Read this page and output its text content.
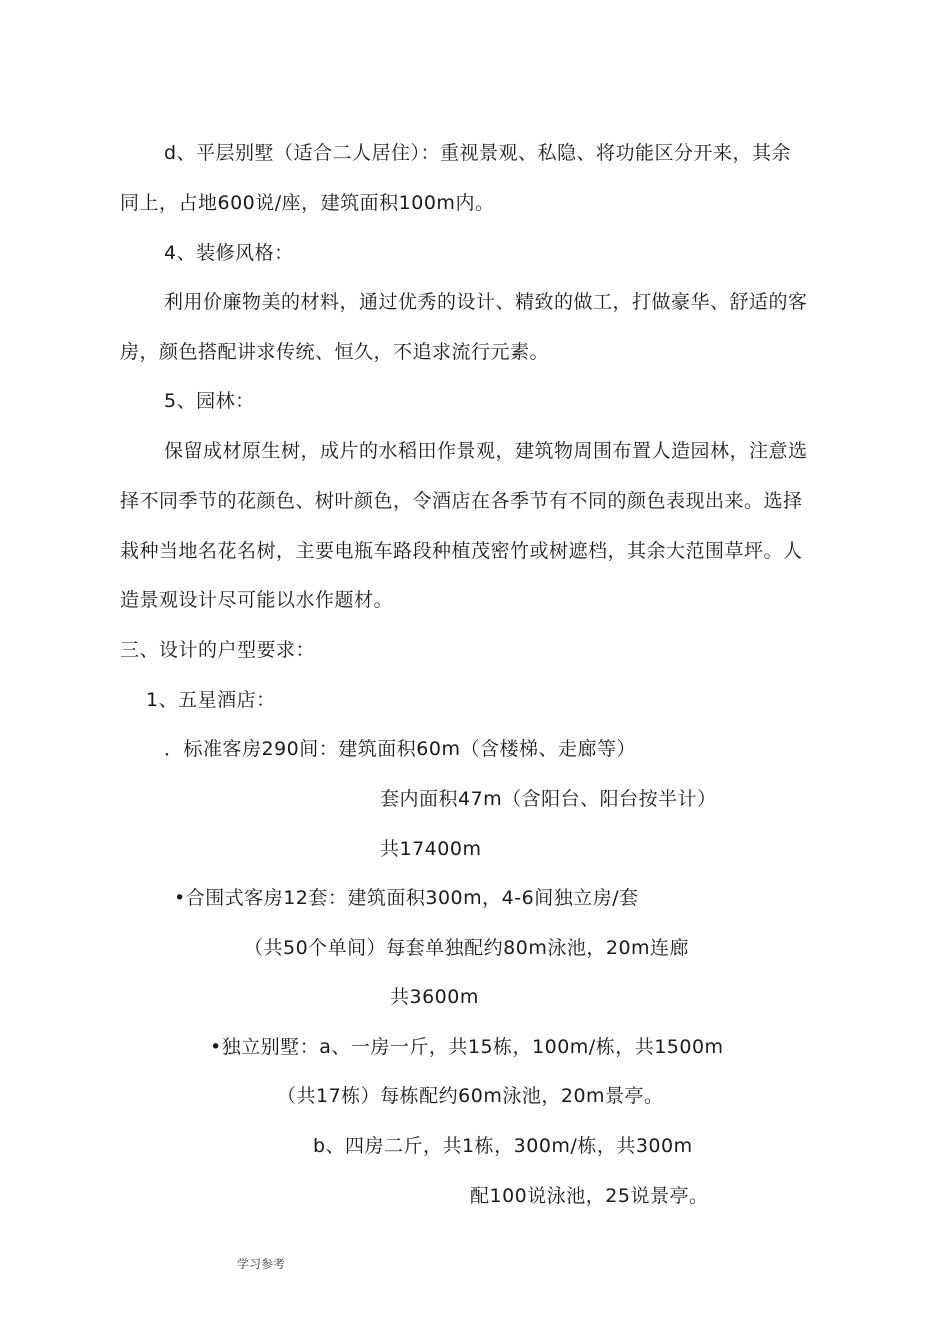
d、平层别墅（适合二人居住）：重视景观、私隐、将功能区分开来，其余
同上，占地600说/座，建筑面积100m内。
4、装修风格：
利用价廉物美的材料，通过优秀的设计、精致的做工，打做豪华、舒适的客
房，颜色搭配讲求传统、恒久，不追求流行元素。
5、园林：
保留成材原生树，成片的水稻田作景观，建筑物周围布置人造园林，注意选
择不同季节的花颜色、树叶颜色，令酒店在各季节有不同的颜色表现出来。选择
栽种当地名花名树，主要电瓶车路段种植茂密竹或树遮档，其余大范围草坪。人
造景观设计尽可能以水作题材。
三、设计的户型要求：
1、五星酒店：
．标准客房290间：建筑面积60m（含楼梯、走廊等）
套内面积47m（含阳台、阳台按半计）
共17400m
•合围式客房12套：建筑面积300m，4-6间独立房/套
（共50个单间）每套单独配约80m泳池，20m连廊
共3600m
•独立别墅：a、一房一斤，共15栋，100m/栋，共1500m
（共17栋）每栋配约60m泳池，20m景亭。
b、四房二斤，共1栋，300m/栋，共300m
配100说泳池，25说景亭。
学习参考
